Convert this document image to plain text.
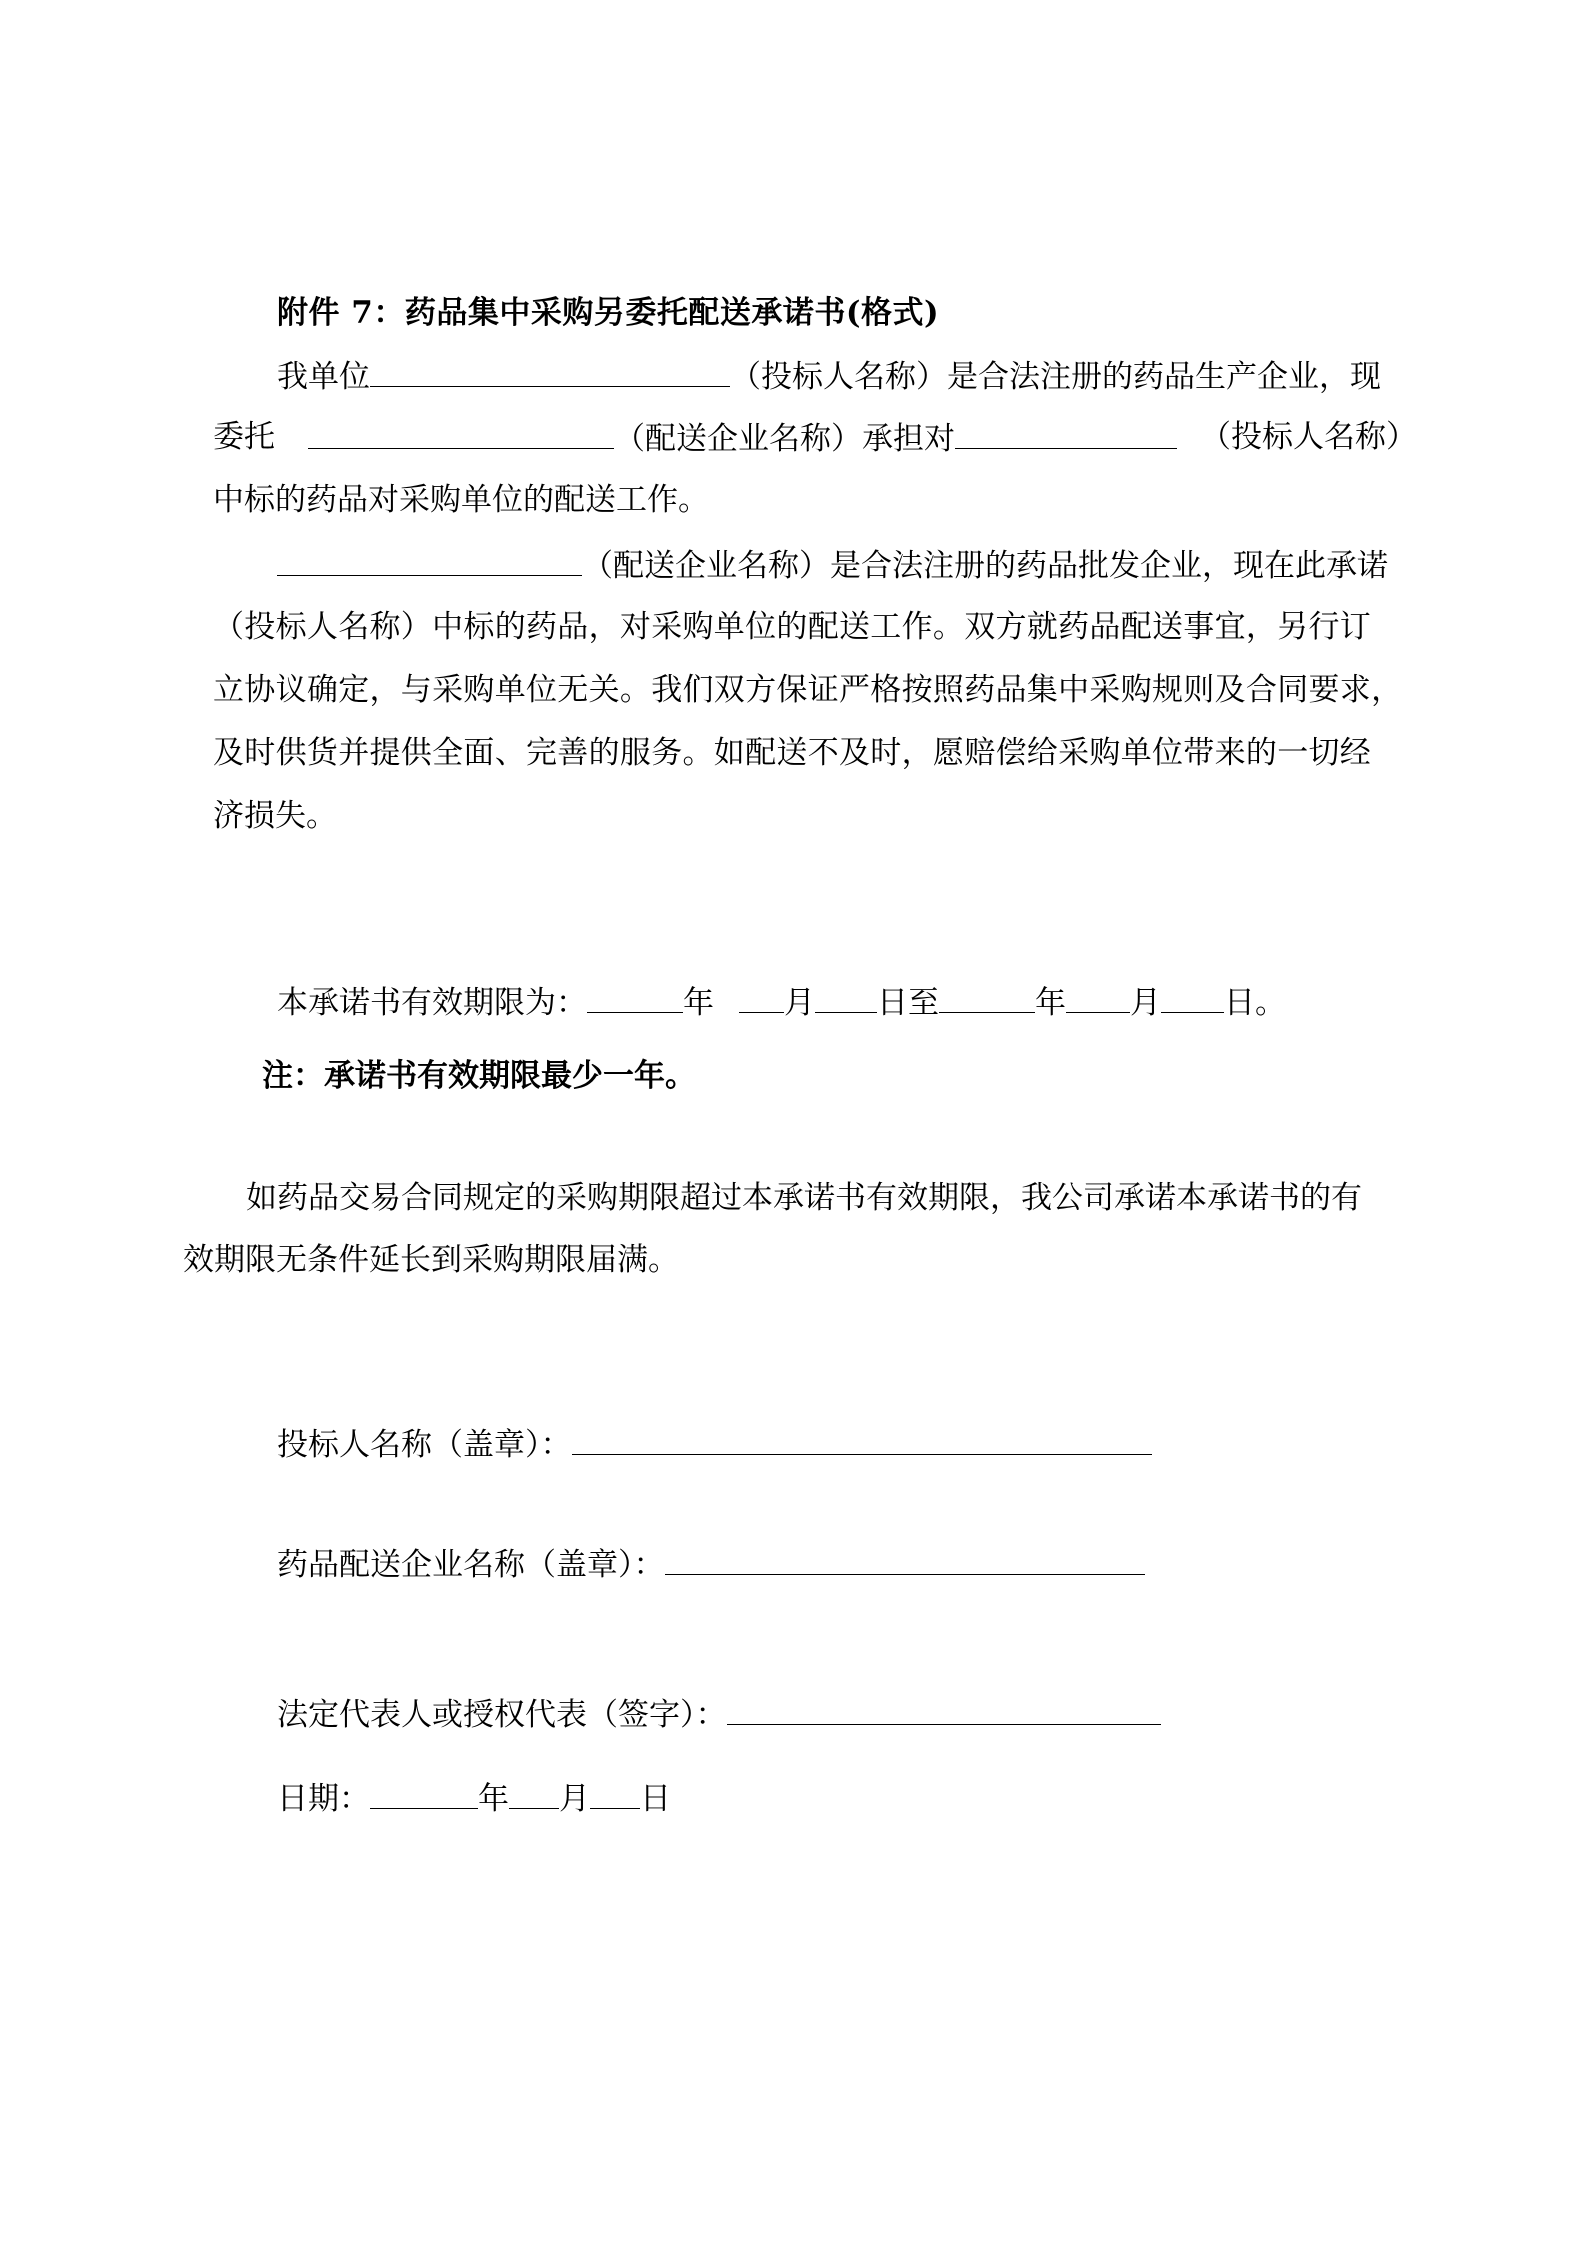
附件 7：药品集中采购另委托配送承诺书(格式)
我单位	（投标人名称）是合法注册的药品生产企业，现
委托	（配送企业名称）承担对	（投标人名称）
中标的药品对采购单位的配送工作。
（配送企业名称）是合法注册的药品批发企业，现在此承诺
（投标人名称）中标的药品，对采购单位的配送工作。双方就药品配送事宜，另行订
立协议确定，与采购单位无关。我们双方保证严格按照药品集中采购规则及合同要求，
及时供货并提供全面、完善的服务。如配送不及时，愿赔偿给采购单位带来的一切经
济损失。
本承诺书有效期限为：	年 月 日至	年 月 日。
注：承诺书有效期限最少一年。
如药品交易合同规定的采购期限超过本承诺书有效期限，我公司承诺本承诺书的有
效期限无条件延长到采购期限届满。
投标人名称（盖章）：
药品配送企业名称（盖章）：
法定代表人或授权代表（签字）：
日期：	年 月 日
